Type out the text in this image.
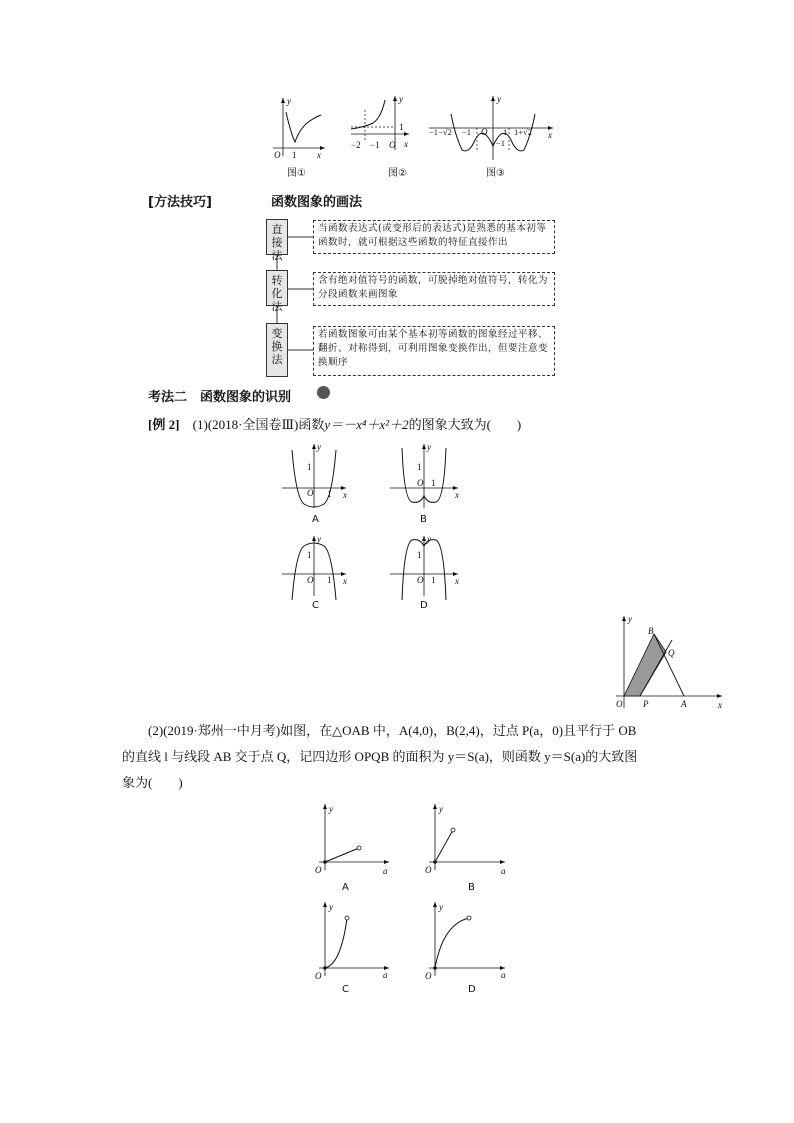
y
x
O 1
图①
y
x
O
1
−2 −1
图②
y
x
O
−1−√2 −1
−1
1 1+√2
图③
[方法技巧]	函数图象的画法
直接法
转化法
变换法
当函数表达式(或变形后的表达式)是熟悉的基本初等函数时，就可根据这些函数的特征直接作出
含有绝对值符号的函数，可脱掉绝对值符号，转化为分段函数来画图象
若函数图象可由某个基本初等函数的图象经过平移、翻折、对称得到，可利用图象变换作出，但要注意变换顺序
考法二　函数图象的识别
[例 2] (1)(2018·全国卷Ⅲ)函数y＝－x⁴＋x²＋2的图象大致为(　　)
y
1
O 1 x
A
y
1
O 1
x
B
y
1
O 1 x
C
y
1
O 1 x
D
y
x
B
Q
O P	A
(2)(2019·郑州一中月考)如图，在△OAB 中，A(4,0)，B(2,4)，过点 P(a，0)且平行于 OB
的直线 l 与线段 AB 交于点 Q，记四边形 OPQB 的面积为 y＝S(a)，则函数 y＝S(a)的大致图
象为(　　)
y
O	a
A
y
O	a
B
y
O	a
C
y
O	a
D
